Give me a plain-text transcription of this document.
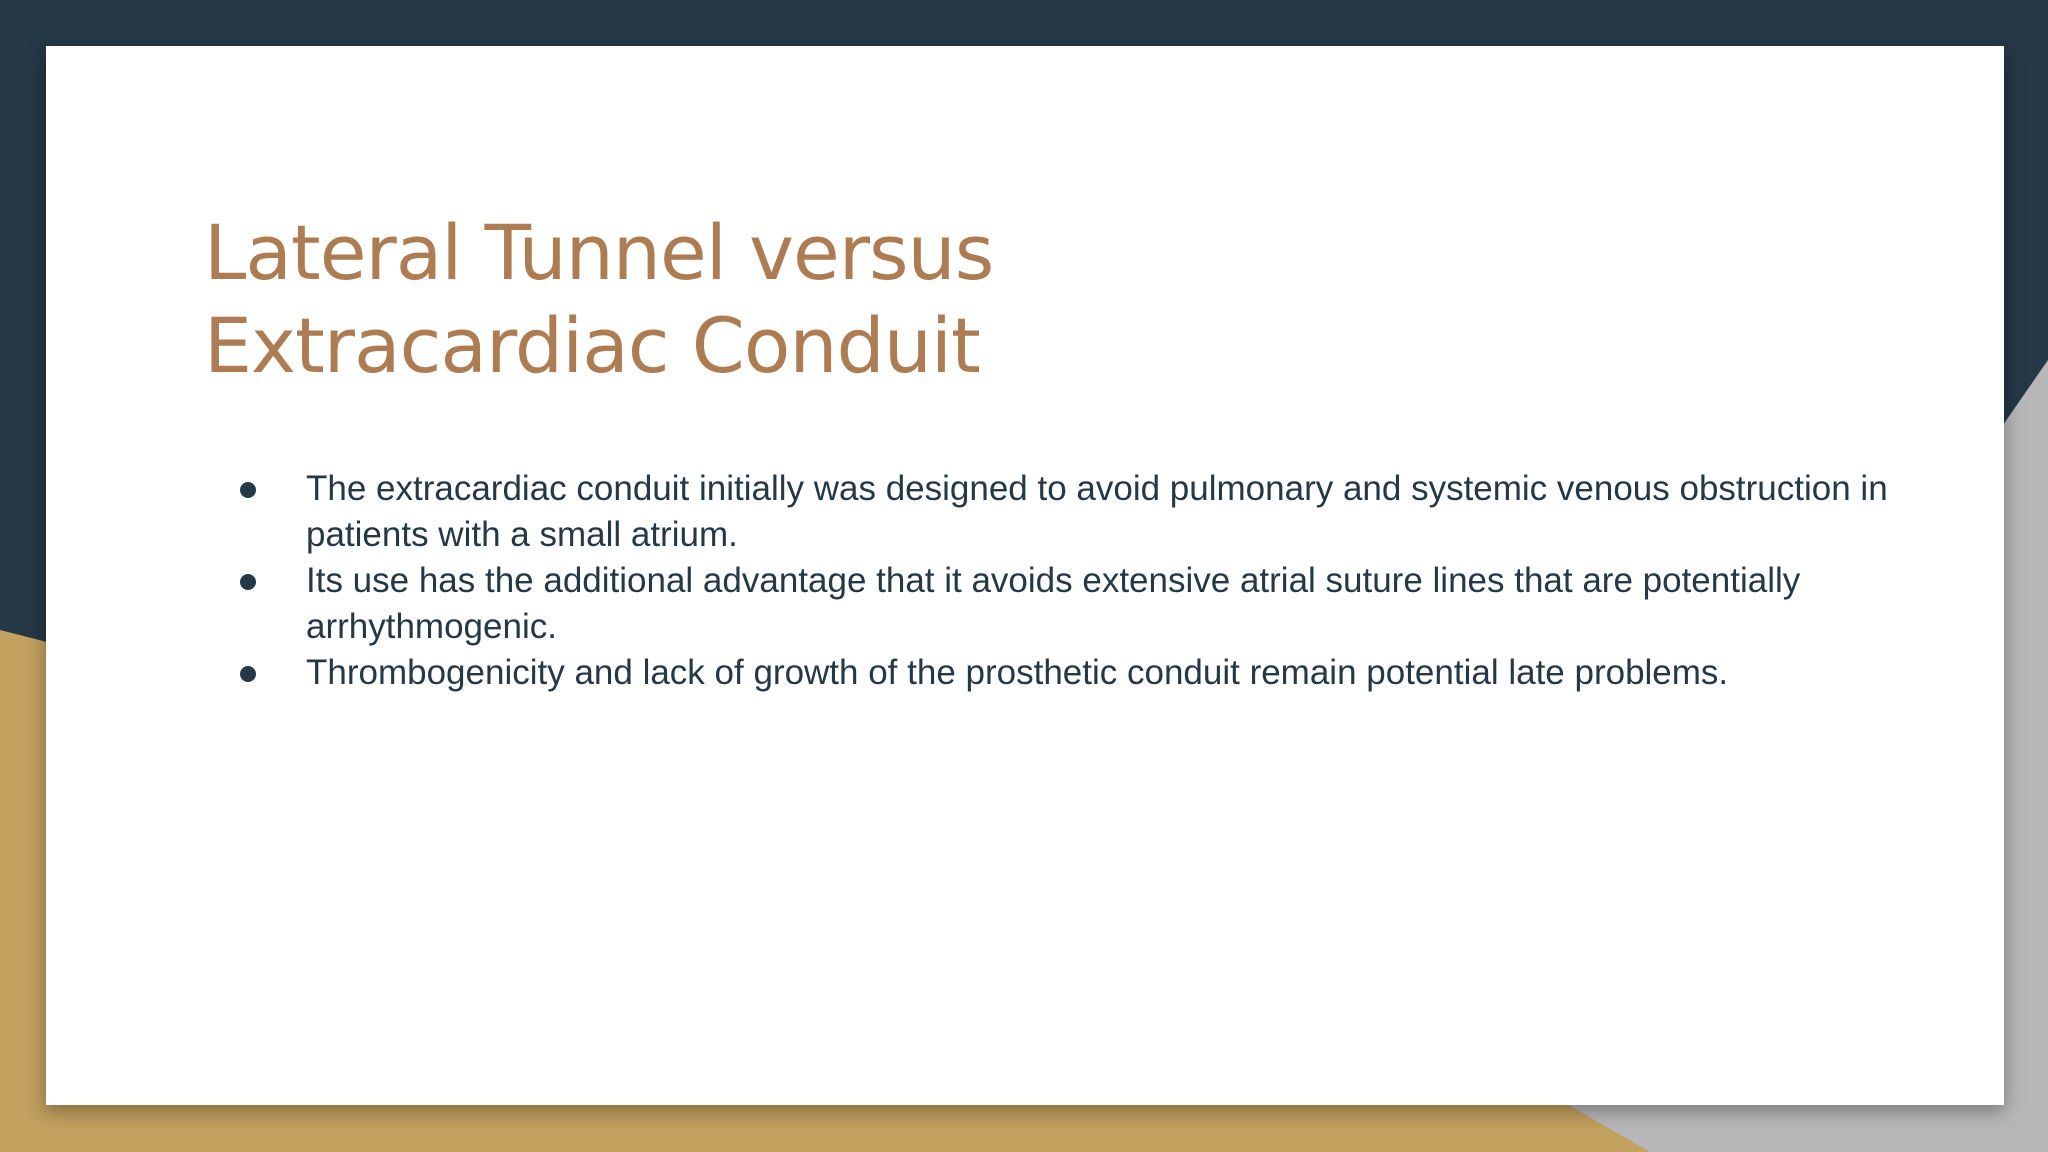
Lateral Tunnel versus
Extracardiac Conduit
The extracardiac conduit initially was designed to avoid pulmonary and systemic venous obstruction in patients with a small atrium.
Its use has the additional advantage that it avoids extensive atrial suture lines that are potentially arrhythmogenic.
Thrombogenicity and lack of growth of the prosthetic conduit remain potential late problems.
